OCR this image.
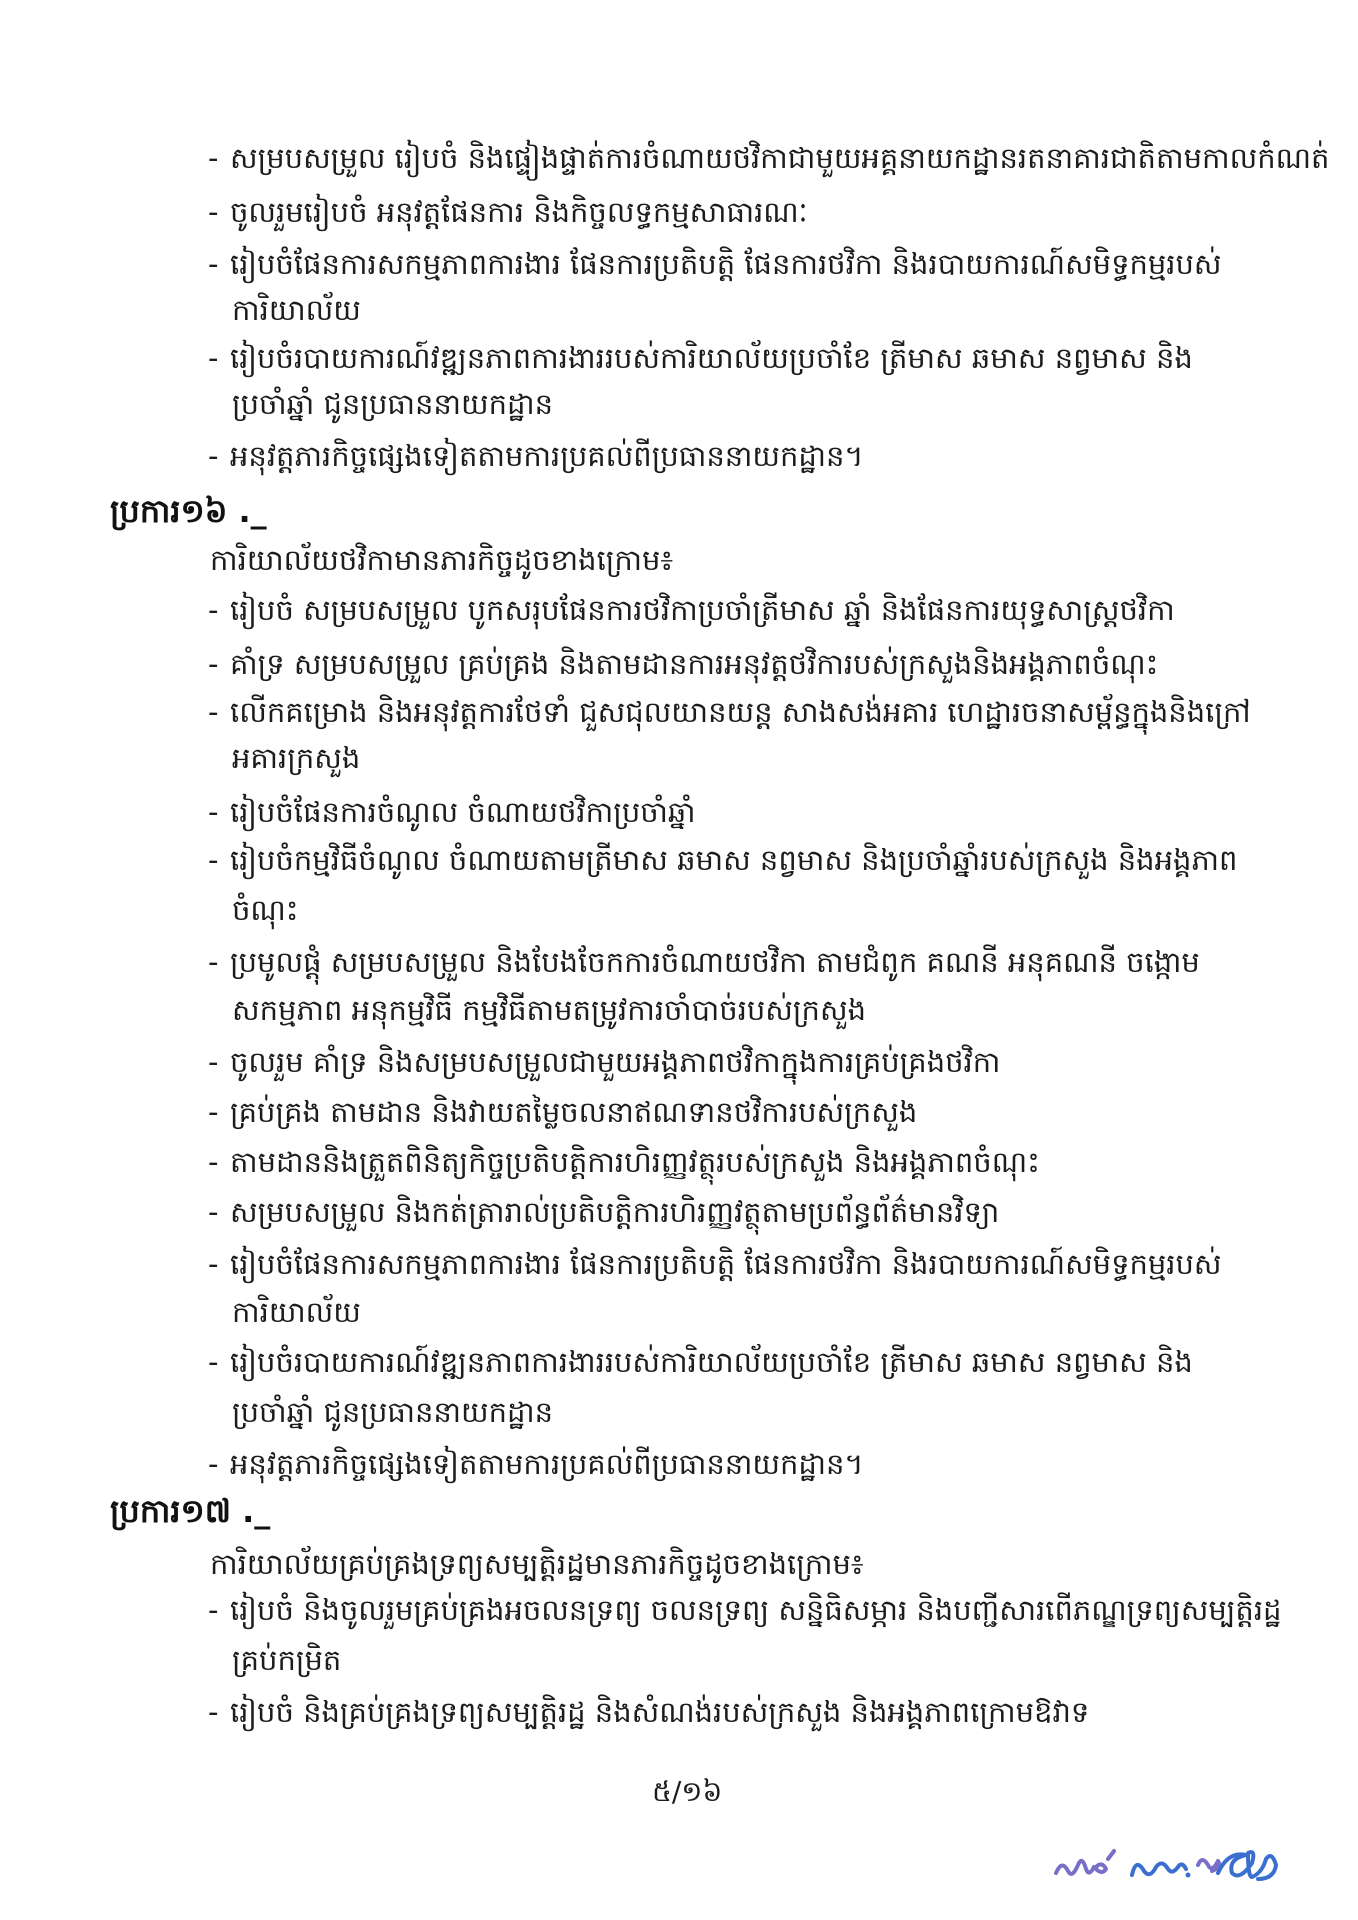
- សម្របសម្រួល រៀបចំ និងផ្ទៀងផ្ទាត់ការចំណាយថវិកាជាមួយអគ្គនាយកដ្ឋានរតនាគារជាតិតាមកាលកំណត់
- ចូលរួមរៀបចំ អនុវត្តផែនការ និងកិច្ចលទ្ធកម្មសាធារណៈ
- រៀបចំផែនការសកម្មភាពការងារ ផែនការប្រតិបត្តិ ផែនការថវិកា និងរបាយការណ៍សមិទ្ធកម្មរបស់
ការិយាល័យ
- រៀបចំរបាយការណ៍វឌ្ឍនភាពការងាររបស់ការិយាល័យប្រចាំខែ ត្រីមាស ឆមាស នព្វមាស និង
ប្រចាំឆ្នាំ ជូនប្រធាននាយកដ្ឋាន
- អនុវត្តភារកិច្ចផ្សេងទៀតតាមការប្រគល់ពីប្រធាននាយកដ្ឋាន។
ប្រការ១៦ ._
ការិយាល័យថវិកាមានភារកិច្ចដូចខាងក្រោម៖
- រៀបចំ សម្របសម្រួល បូកសរុបផែនការថវិកាប្រចាំត្រីមាស ឆ្នាំ និងផែនការយុទ្ធសាស្ត្រថវិកា
- គាំទ្រ សម្របសម្រួល គ្រប់គ្រង និងតាមដានការអនុវត្តថវិការបស់ក្រសួងនិងអង្គភាពចំណុះ
- លើកគម្រោង និងអនុវត្តការថែទាំ ជួសជុលយានយន្ត សាងសង់អគារ ហេដ្ឋារចនាសម្ព័ន្ធក្នុងនិងក្រៅ
អគារក្រសួង
- រៀបចំផែនការចំណូល ចំណាយថវិកាប្រចាំឆ្នាំ
- រៀបចំកម្មវិធីចំណូល ចំណាយតាមត្រីមាស ឆមាស នព្វមាស និងប្រចាំឆ្នាំរបស់ក្រសួង និងអង្គភាព
ចំណុះ
- ប្រមូលផ្តុំ សម្របសម្រួល និងបែងចែកការចំណាយថវិកា តាមជំពូក គណនី អនុគណនី ចង្កោម
សកម្មភាព អនុកម្មវិធី កម្មវិធីតាមតម្រូវការចាំបាច់របស់ក្រសួង
- ចូលរួម គាំទ្រ និងសម្របសម្រួលជាមួយអង្គភាពថវិកាក្នុងការគ្រប់គ្រងថវិកា
- គ្រប់គ្រង តាមដាន និងវាយតម្លៃចលនាឥណទានថវិការបស់ក្រសួង
- តាមដាននិងត្រួតពិនិត្យកិច្ចប្រតិបត្តិការហិរញ្ញវត្ថុរបស់ក្រសួង និងអង្គភាពចំណុះ
- សម្របសម្រួល និងកត់ត្រារាល់ប្រតិបត្តិការហិរញ្ញវត្ថុតាមប្រព័ន្ធព័ត៌មានវិទ្យា
- រៀបចំផែនការសកម្មភាពការងារ ផែនការប្រតិបត្តិ ផែនការថវិកា និងរបាយការណ៍សមិទ្ធកម្មរបស់
ការិយាល័យ
- រៀបចំរបាយការណ៍វឌ្ឍនភាពការងាររបស់ការិយាល័យប្រចាំខែ ត្រីមាស ឆមាស នព្វមាស និង
ប្រចាំឆ្នាំ ជូនប្រធាននាយកដ្ឋាន
- អនុវត្តភារកិច្ចផ្សេងទៀតតាមការប្រគល់ពីប្រធាននាយកដ្ឋាន។
ប្រការ១៧ ._
ការិយាល័យគ្រប់គ្រងទ្រព្យសម្បត្តិរដ្ឋមានភារកិច្ចដូចខាងក្រោម៖
- រៀបចំ និងចូលរួមគ្រប់គ្រងអចលនទ្រព្យ ចលនទ្រព្យ សន្និធិសម្ភារ និងបញ្ជីសារពើភណ្ឌទ្រព្យសម្បត្តិរដ្ឋ
គ្រប់កម្រិត
- រៀបចំ និងគ្រប់គ្រងទ្រព្យសម្បត្តិរដ្ឋ និងសំណង់របស់ក្រសួង និងអង្គភាពក្រោមឱវាទ
៥/១៦
